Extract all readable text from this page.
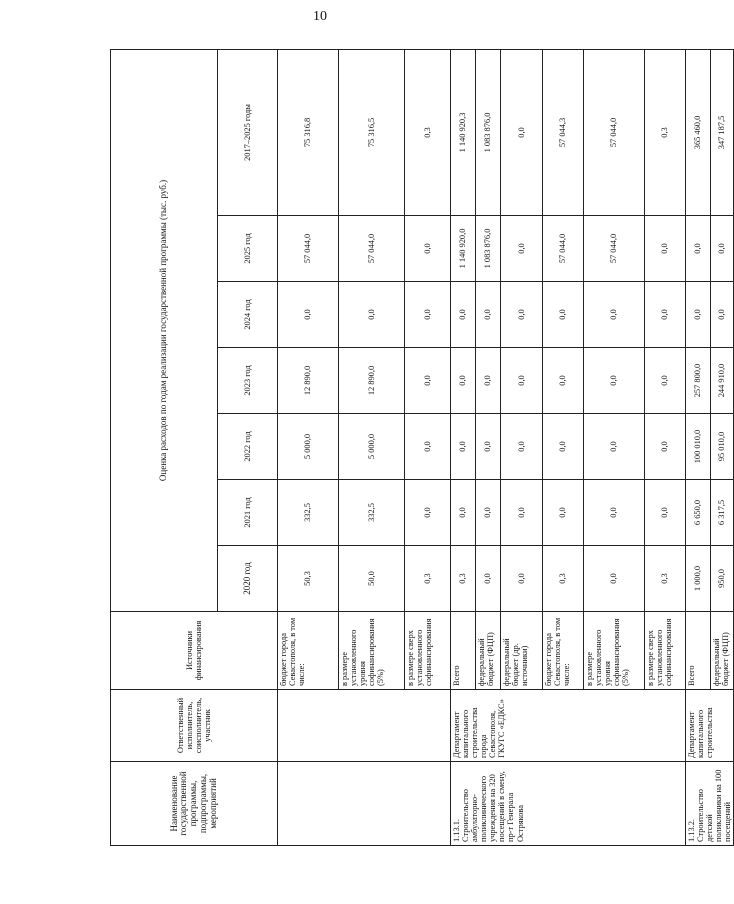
10
Наименование государственной программы, подпрограммы, мероприятий	Ответственный исполнитель, соисполнитель, участник	Источники финансирования	Оценка расходов по годам реализации государственной программы (тыс. руб.)						
			2020 год	2021 год	2022 год	2023 год	2024 год	2025 год	2017–2025 годы
		бюджет города Севастополя, в том числе:	50,3	332,5	5 000,0	12 890,0	0,0	57 044,0	75 316,8
		в размере установленного уровня софинансирования (5%)	50,0	332,5	5 000,0	12 890,0	0,0	57 044,0	75 316,5
		в размере сверх установленного софинансирования	0,3	0,0	0,0	0,0	0,0	0,0	0,3
1.13.1. Строительство амбулаторно-поликлинического учреждения на 320 посещений в смену, пр-т Генерала Острякова	Департамент капитального строительства города Севастополя, ГКУГС «ЕДКС»	Всего	0,3	0,0	0,0	0,0	0,0	1 140 920,0	1 140 920,3
		федеральный бюджет (ФЦП)	0,0	0,0	0,0	0,0	0,0	1 083 876,0	1 083 876,0
		федеральный бюджет (др. источники)	0,0	0,0	0,0	0,0	0,0	0,0	0,0
		бюджет города Севастополя, в том числе:	0,3	0,0	0,0	0,0	0,0	57 044,0	57 044,3
		в размере установленного уровня софинансирования (5%)	0,0	0,0	0,0	0,0	0,0	57 044,0	57 044,0
		в размере сверх установленного софинансирования	0,3	0,0	0,0	0,0	0,0	0,0	0,3
1.13.2. Строительство детской поликлиники на 100 посещений	Департамент капитального строительства	Всего	1 000,0	6 650,0	100 010,0	257 800,0	0,0	0,0	365 460,0
		федеральный бюджет (ФЦП)	950,0	6 317,5	95 010,0	244 910,0	0,0	0,0	347 187,5
